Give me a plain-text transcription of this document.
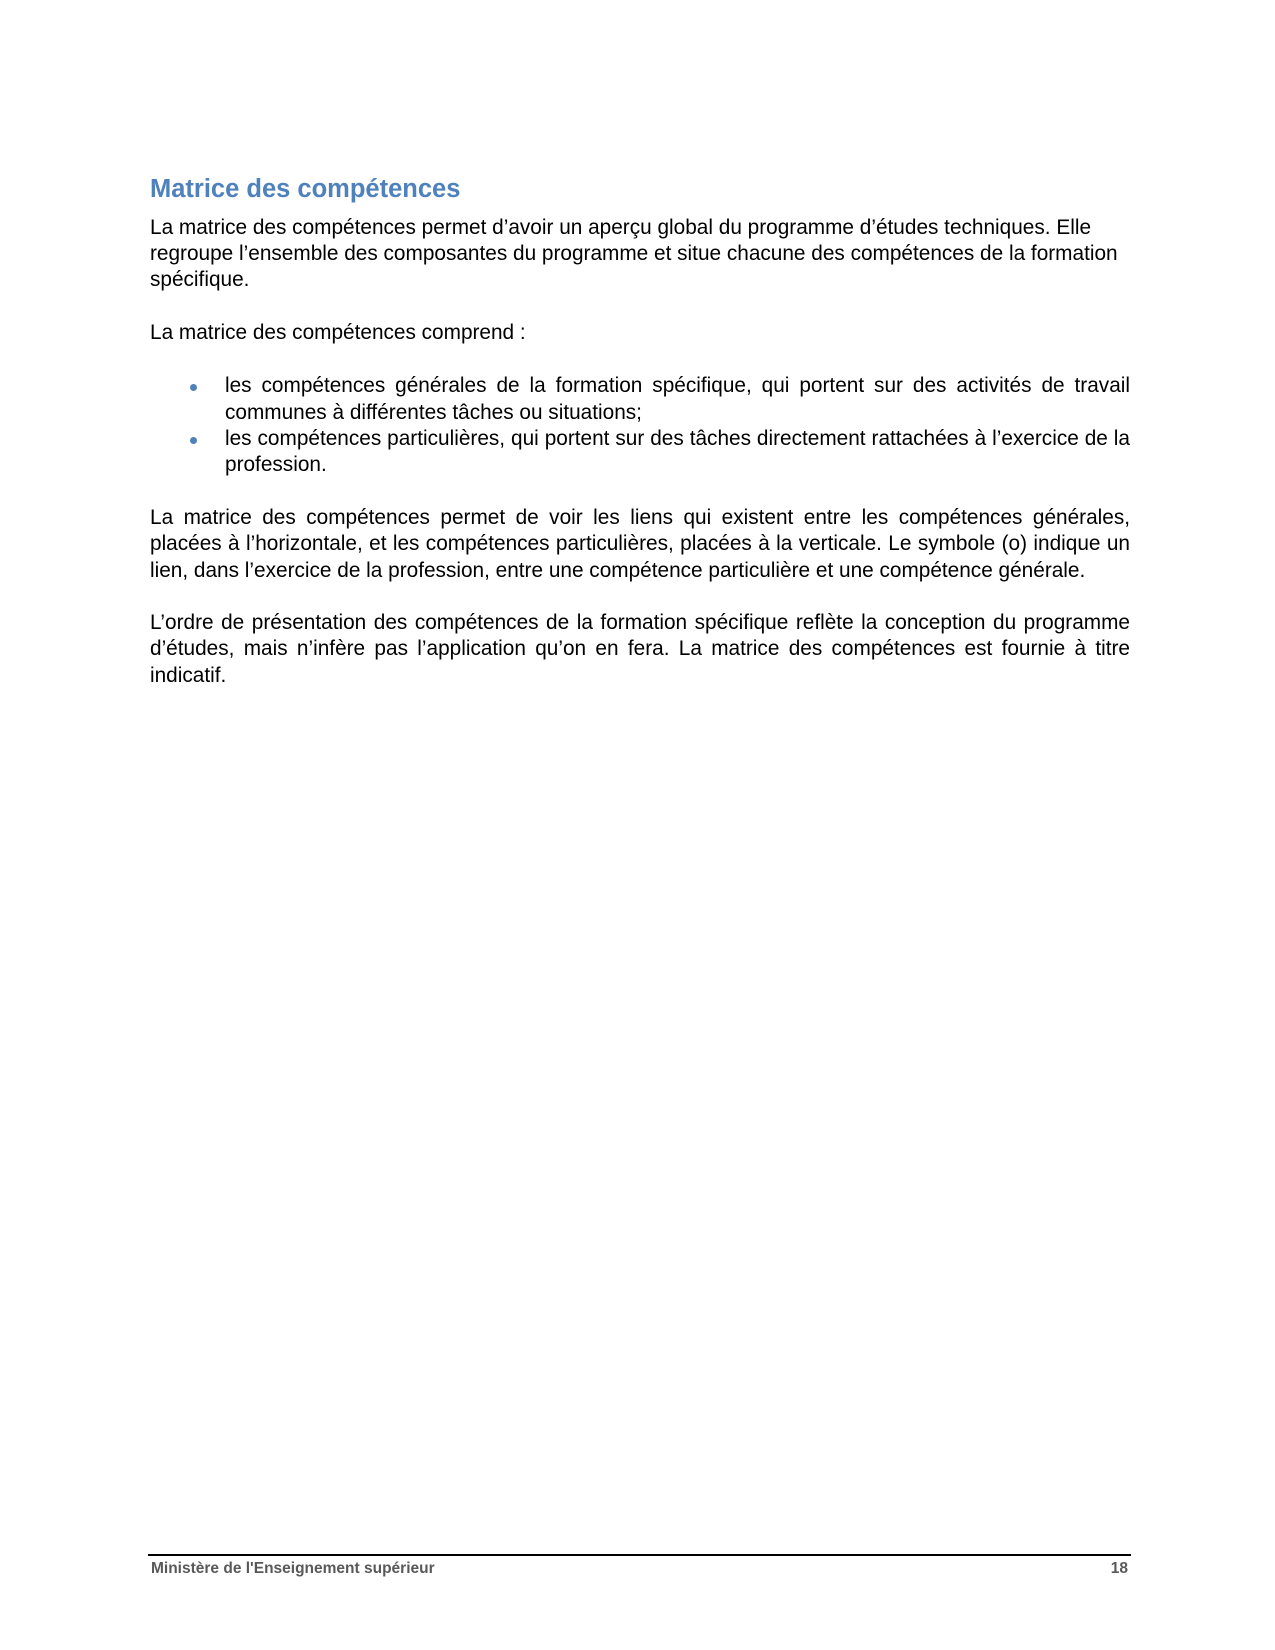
Matrice des compétences

La matrice des compétences permet d’avoir un aperçu global du programme d’études techniques. Elle regroupe l’ensemble des composantes du programme et situe chacune des compétences de la formation spécifique.

La matrice des compétences comprend :

les compétences générales de la formation spécifique, qui portent sur des activités de travail communes à différentes tâches ou situations;
les compétences particulières, qui portent sur des tâches directement rattachées à l’exercice de la profession.

La matrice des compétences permet de voir les liens qui existent entre les compétences générales, placées à l’horizontale, et les compétences particulières, placées à la verticale. Le symbole (o) indique un lien, dans l’exercice de la profession, entre une compétence particulière et une compétence générale.

L’ordre de présentation des compétences de la formation spécifique reflète la conception du programme d’études, mais n’infère pas l’application qu’on en fera. La matrice des compétences est fournie à titre indicatif.

Ministère de l'Enseignement supérieur	18
